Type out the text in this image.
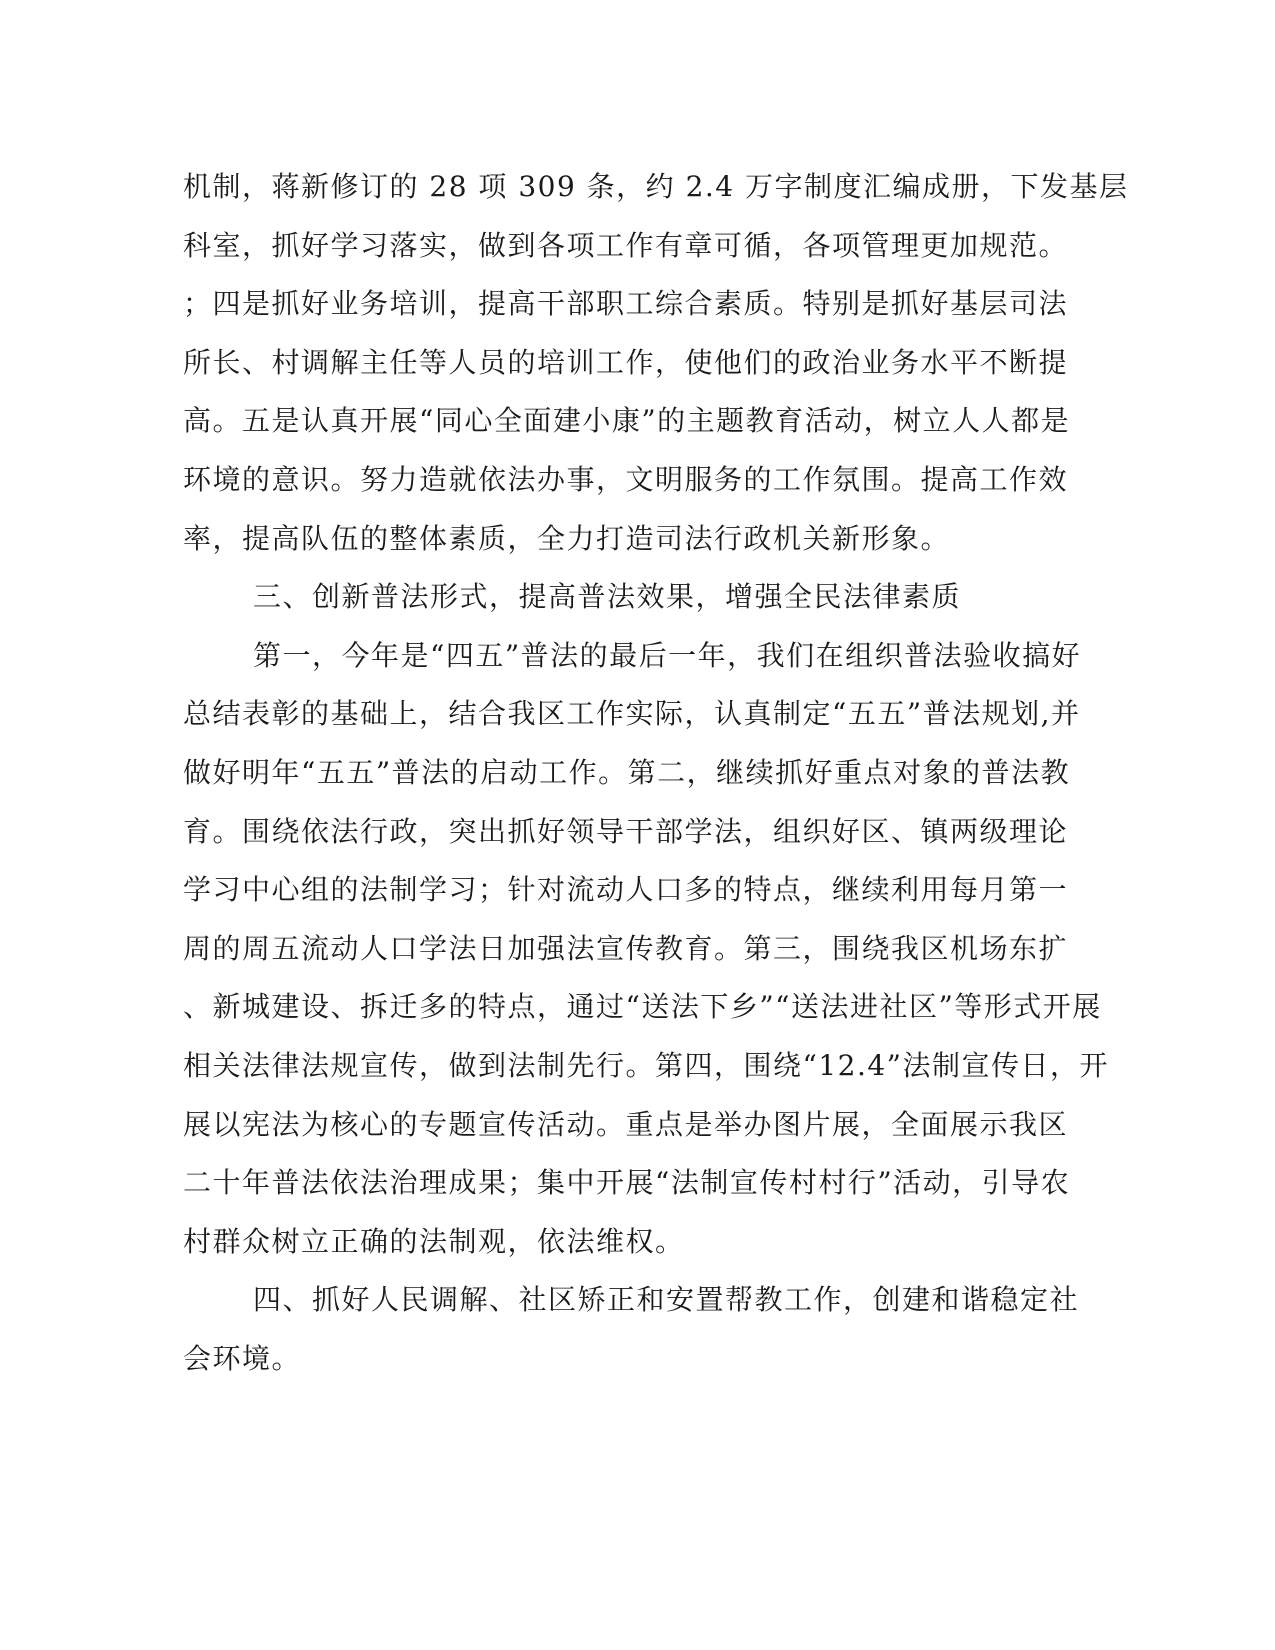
机制，蒋新修订的 28 项 309 条，约 2.4 万字制度汇编成册，下发基层
科室，抓好学习落实，做到各项工作有章可循，各项管理更加规范。
；四是抓好业务培训，提高干部职工综合素质。特别是抓好基层司法
所长、村调解主任等人员的培训工作，使他们的政治业务水平不断提
高。五是认真开展“同心全面建小康”的主题教育活动，树立人人都是
环境的意识。努力造就依法办事，文明服务的工作氛围。提高工作效
率，提高队伍的整体素质，全力打造司法行政机关新形象。
三、创新普法形式，提高普法效果，增强全民法律素质
第一，今年是“四五”普法的最后一年，我们在组织普法验收搞好
总结表彰的基础上，结合我区工作实际，认真制定“五五”普法规划,并
做好明年“五五”普法的启动工作。第二，继续抓好重点对象的普法教
育。围绕依法行政，突出抓好领导干部学法，组织好区、镇两级理论
学习中心组的法制学习；针对流动人口多的特点，继续利用每月第一
周的周五流动人口学法日加强法宣传教育。第三，围绕我区机场东扩
、新城建设、拆迁多的特点，通过“送法下乡”“送法进社区”等形式开展
相关法律法规宣传，做到法制先行。第四，围绕“12.4”法制宣传日，开
展以宪法为核心的专题宣传活动。重点是举办图片展，全面展示我区
二十年普法依法治理成果；集中开展“法制宣传村村行”活动，引导农
村群众树立正确的法制观，依法维权。
四、抓好人民调解、社区矫正和安置帮教工作，创建和谐稳定社
会环境。
